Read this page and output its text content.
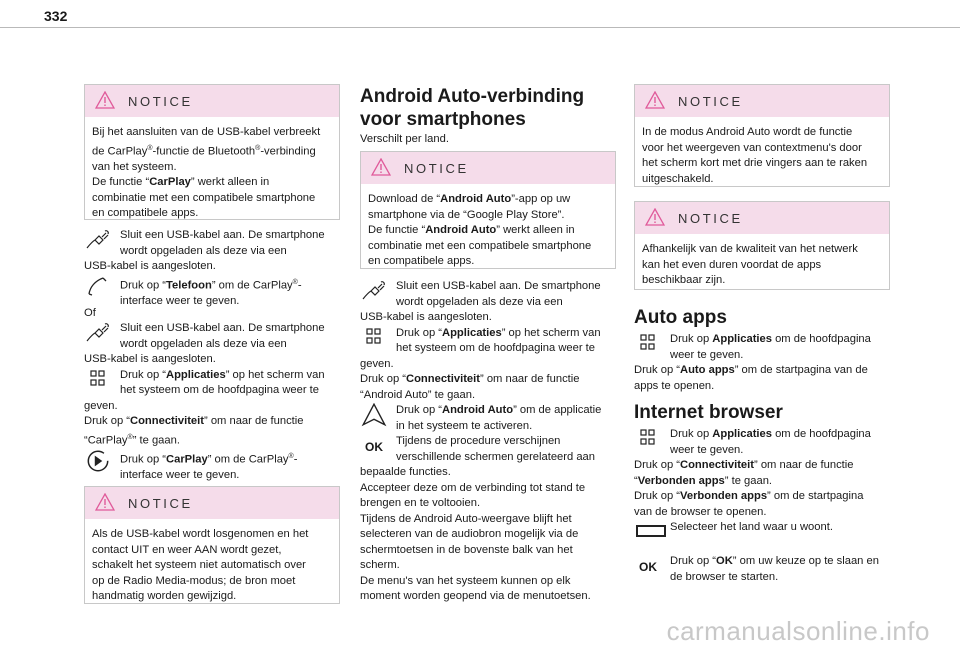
332
NOTICE
Bij het aansluiten van de USB-kabel verbreekt
de CarPlay®-functie de Bluetooth®-verbinding
van het systeem.
De functie “CarPlay” werkt alleen in
combinatie met een compatibele smartphone
en compatibele apps.
Sluit een USB-kabel aan. De smartphone
wordt opgeladen als deze via een
USB-kabel is aangesloten.
Druk op “Telefoon” om de CarPlay®-
interface weer te geven.
Of
Sluit een USB-kabel aan. De smartphone
wordt opgeladen als deze via een
USB-kabel is aangesloten.
Druk op “Applicaties” op het scherm van
het systeem om de hoofdpagina weer te
geven.
Druk op “Connectiviteit” om naar de functie
“CarPlay®” te gaan.
Druk op “CarPlay” om de CarPlay®-
interface weer te geven.
NOTICE
Als de USB-kabel wordt losgenomen en het
contact UIT en weer AAN wordt gezet,
schakelt het systeem niet automatisch over
op de Radio Media-modus; de bron moet
handmatig worden gewijzigd.
Android Auto-verbinding
voor smartphones
Verschilt per land.
NOTICE
Download de “Android Auto”-app op uw
smartphone via de “Google Play Store”.
De functie “Android Auto” werkt alleen in
combinatie met een compatibele smartphone
en compatibele apps.
Sluit een USB-kabel aan. De smartphone
wordt opgeladen als deze via een
USB-kabel is aangesloten.
Druk op “Applicaties” op het scherm van
het systeem om de hoofdpagina weer te
geven.
Druk op “Connectiviteit” om naar de functie
“Android Auto” te gaan.
Druk op “Android Auto” om de applicatie
in het systeem te activeren.
OK	Tijdens de procedure verschijnen
verschillende schermen gerelateerd aan
bepaalde functies.
Accepteer deze om de verbinding tot stand te
brengen en te voltooien.
Tijdens de Android Auto-weergave blijft het
selecteren van de audiobron mogelijk via de
schermtoetsen in de bovenste balk van het
scherm.
De menu's van het systeem kunnen op elk
moment worden geopend via de menutoetsen.
NOTICE
In de modus Android Auto wordt de functie
voor het weergeven van contextmenu's door
het scherm kort met drie vingers aan te raken
uitgeschakeld.
NOTICE
Afhankelijk van de kwaliteit van het netwerk
kan het even duren voordat de apps
beschikbaar zijn.
Auto apps
Druk op Applicaties om de hoofdpagina
weer te geven.
Druk op “Auto apps” om de startpagina van de
apps te openen.
Internet browser
Druk op Applicaties om de hoofdpagina
weer te geven.
Druk op “Connectiviteit” om naar de functie
“Verbonden apps” te gaan.
Druk op “Verbonden apps” om de startpagina
van de browser te openen.
Selecteer het land waar u woont.
OK	Druk op “OK” om uw keuze op te slaan en
de browser te starten.
carmanualsonline.info
